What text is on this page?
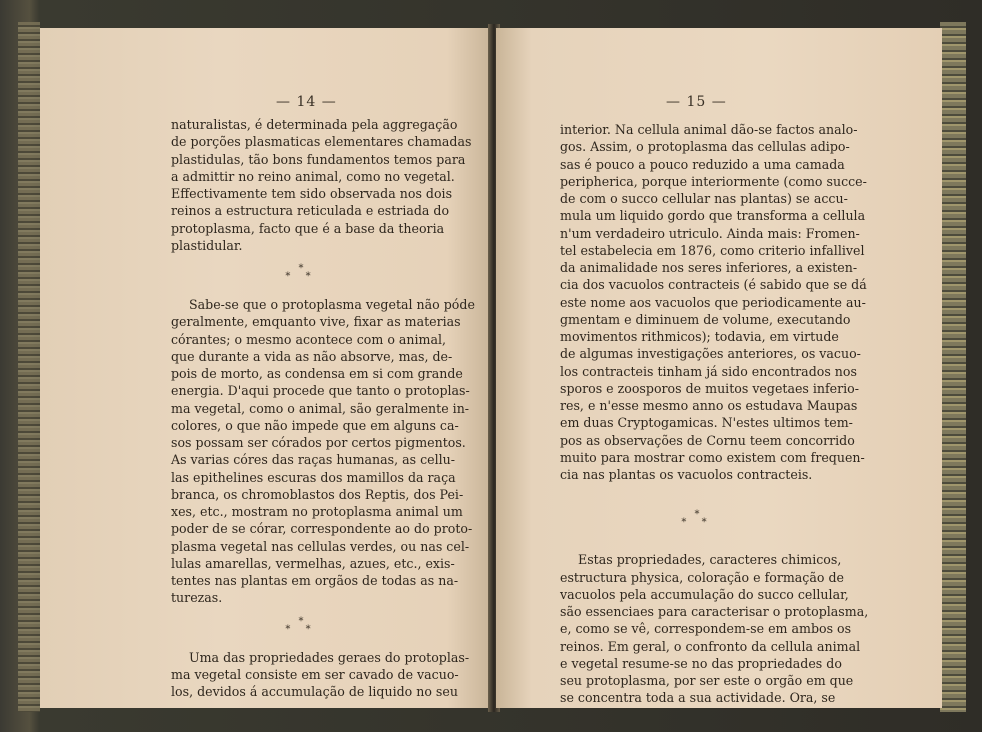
— 14 —
naturalistas, é determinada pela aggregação
de porções plasmaticas elementares chamadas
plastidulas, tão bons fundamentos temos para
a admittir no reino animal, como no vegetal.
Effectivamente tem sido observada nos dois
reinos a estructura reticulada e estriada do
protoplasma, facto que é a base da theoria
plastidular.
*
* *
Sabe-se que o protoplasma vegetal não póde
geralmente, emquanto vive, fixar as materias
córantes; o mesmo acontece com o animal,
que durante a vida as não absorve, mas, de-
pois de morto, as condensa em si com grande
energia. D'aqui procede que tanto o protoplas-
ma vegetal, como o animal, são geralmente in-
colores, o que não impede que em alguns ca-
sos possam ser córados por certos pigmentos.
As varias córes das raças humanas, as cellu-
las epithelines escuras dos mamillos da raça
branca, os chromoblastos dos Reptis, dos Pei-
xes, etc., mostram no protoplasma animal um
poder de se córar, correspondente ao do proto-
plasma vegetal nas cellulas verdes, ou nas cel-
lulas amarellas, vermelhas, azues, etc., exis-
tentes nas plantas em orgãos de todas as na-
turezas.
*
* *
Uma das propriedades geraes do protoplas-
ma vegetal consiste em ser cavado de vacuo-
los, devidos á accumulação de liquido no seu
— 15 —
interior. Na cellula animal dão-se factos analo-
gos. Assim, o protoplasma das cellulas adipo-
sas é pouco a pouco reduzido a uma camada
peripherica, porque interiormente (como succe-
de com o succo cellular nas plantas) se accu-
mula um liquido gordo que transforma a cellula
n'um verdadeiro utriculo. Ainda mais: Fromen-
tel estabelecia em 1876, como criterio infallivel
da animalidade nos seres inferiores, a existen-
cia dos vacuolos contracteis (é sabido que se dá
este nome aos vacuolos que periodicamente au-
gmentam e diminuem de volume, executando
movimentos rithmicos); todavia, em virtude
de algumas investigações anteriores, os vacuo-
los contracteis tinham já sido encontrados nos
sporos e zoosporos de muitos vegetaes inferio-
res, e n'esse mesmo anno os estudava Maupas
em duas Cryptogamicas. N'estes ultimos tem-
pos as observações de Cornu teem concorrido
muito para mostrar como existem com frequen-
cia nas plantas os vacuolos contracteis.
*
* *
Estas propriedades, caracteres chimicos,
estructura physica, coloração e formação de
vacuolos pela accumulação do succo cellular,
são essenciaes para caracterisar o protoplasma,
e, como se vê, correspondem-se em ambos os
reinos. Em geral, o confronto da cellula animal
e vegetal resume-se no das propriedades do
seu protoplasma, por ser este o orgão em que
se concentra toda a sua actividade. Ora, se
